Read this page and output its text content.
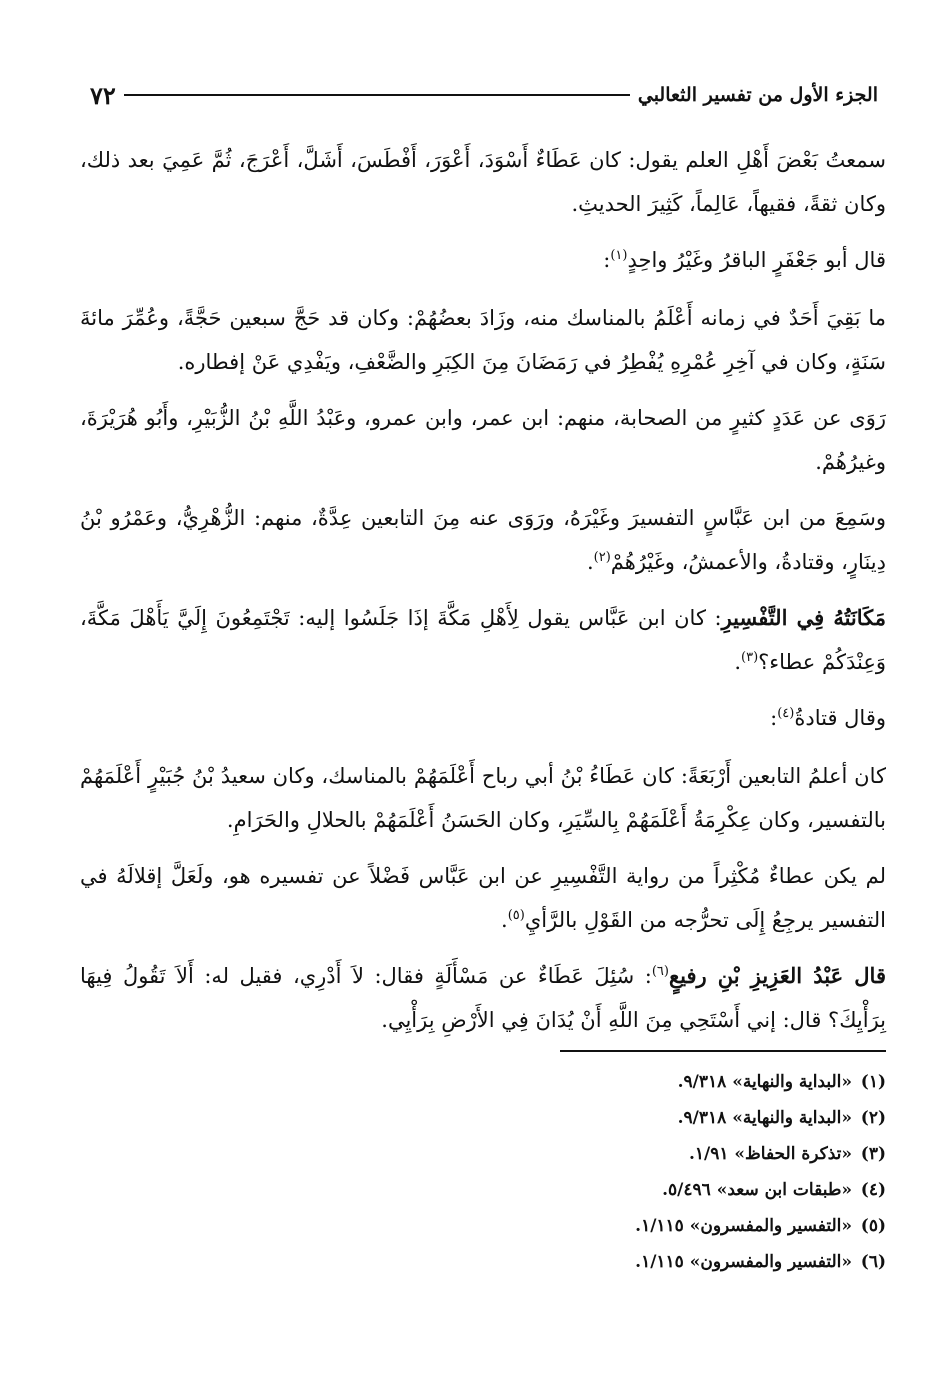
الجزء الأول من تفسير الثعالبي
٧٢

سمعتُ بَعْضَ أَهْلِ العلم يقول: كان عَطَاءٌ أَسْوَدَ، أَعْوَرَ، أَفْطَسَ، أَشَلَّ، أَعْرَجَ، ثُمَّ عَمِيَ بعد ذلك، وكان ثقةً، فقيهاً، عَالِماً، كَثِيرَ الحديثِ.

قال أبو جَعْفَرٍ الباقرُ وغَيْرُ واحِدٍ$^{(١)}$:

ما بَقِيَ أَحَدٌ في زمانه أَعْلَمُ بالمناسك منه، وزَادَ بعضُهُمْ: وكان قد حَجَّ سبعين حَجَّةً، وعُمِّرَ مائةَ سَنَةٍ، وكان في آخِرِ عُمْرِهِ يُفْطِرُ في رَمَضَانَ مِنَ الكِبَرِ والضَّعْفِ، ويَفْدِي عَنْ إفطاره.

رَوَى عن عَدَدٍ كثيرٍ من الصحابة، منهم: ابن عمر، وابن عمرو، وعَبْدُ اللَّهِ بْنُ الزُّبَيْرِ، وأَبُو هُرَيْرَةَ، وغيرُهُمْ.

وسَمِعَ من ابن عَبَّاسٍ التفسيرَ وغَيْرَهُ، ورَوَى عنه مِنَ التابعين عِدَّةٌ، منهم: الزُّهْرِيُّ، وعَمْرُو بْنُ دِينَارٍ، وقتادةُ، والأعمشُ، وغَيْرُهُمْ$^{(٢)}$.

مَكَانَتُهُ فِي التَّفْسِيرِ: كان ابن عَبَّاس يقول لِأَهْلِ مَكَّةَ إذَا جَلَسُوا إليه: تَجْتَمِعُونَ إِلَيَّ يَأَهْلَ مَكَّةَ، وَعِنْدَكُمْ عطاء؟$^{(٣)}$.

وقال قتادةُ$^{(٤)}$:

كان أعلمُ التابعين أَرْبَعَةً: كان عَطَاءُ بْنُ أبي رباح أَعْلَمَهُمْ بالمناسك، وكان سعيدُ بْنُ جُبَيْرٍ أَعْلَمَهُمْ بالتفسير، وكان عِكْرِمَةُ أَعْلَمَهُمْ بِالسِّيَرِ، وكان الحَسَنُ أَعْلَمَهُمْ بالحلالِ والحَرَامِ.

لم يكن عطاءٌ مُكْثِراً من رواية التَّفْسِيرِ عن ابن عَبَّاس فَضْلاً عن تفسيره هو، ولَعَلَّ إقلالَهُ في التفسير يرجِعُ إِلَى تحرُّجه من القَوْلِ بالرَّأيِ$^{(٥)}$.

قال عَبْدُ العَزِيزِ بْنِ رفيعٍ$^{(٦)}$: سُئِلَ عَطَاءٌ عن مَسْأَلَةٍ فقال: لاَ أَدْرِي، فقيل له: أَلاَ تَقُولُ فِيهَا بِرَأْيِكَ؟ قال: إني أَسْتَحِي مِنَ اللَّهِ أَنْ يُدَانَ فِي الأَرْضِ بِرَأْيِي.

(١)«البداية والنهاية» ٩/٣١٨.
(٢)«البداية والنهاية» ٩/٣١٨.
(٣)«تذكرة الحفاظ» ١/٩١.
(٤)«طبقات ابن سعد» ٥/٤٩٦.
(٥)«التفسير والمفسرون» ١/١١٥.
(٦)«التفسير والمفسرون» ١/١١٥.
